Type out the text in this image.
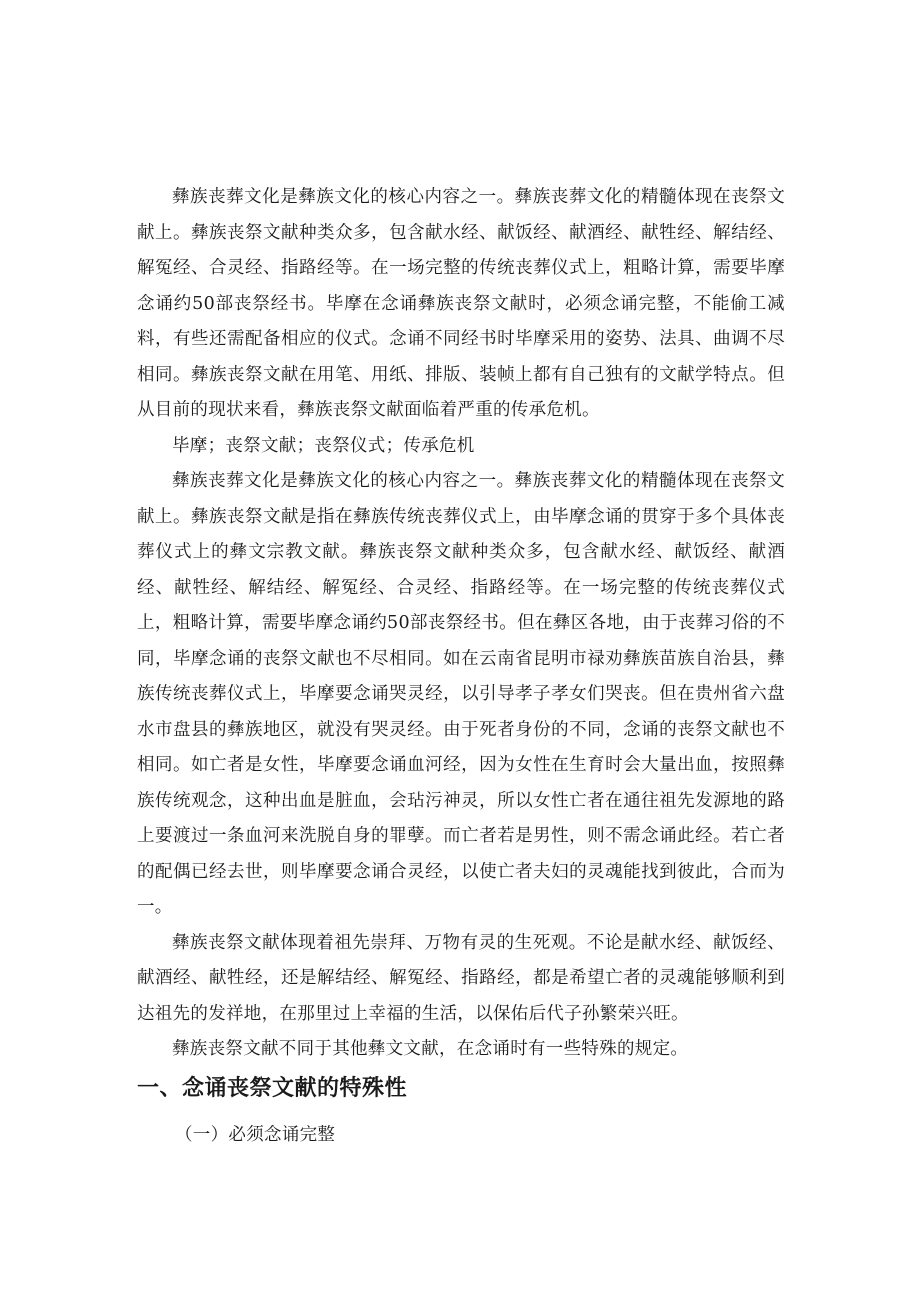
彝族丧葬文化是彝族文化的核心内容之一。彝族丧葬文化的精髓体现在丧祭文献上。彝族丧祭文献种类众多，包含献水经、献饭经、献酒经、献牲经、解结经、解冤经、合灵经、指路经等。在一场完整的传统丧葬仪式上，粗略计算，需要毕摩念诵约50部丧祭经书。毕摩在念诵彝族丧祭文献时，必须念诵完整，不能偷工减料，有些还需配备相应的仪式。念诵不同经书时毕摩采用的姿势、法具、曲调不尽相同。彝族丧祭文献在用笔、用纸、排版、装帧上都有自己独有的文献学特点。但从目前的现状来看，彝族丧祭文献面临着严重的传承危机。

毕摩；丧祭文献；丧祭仪式；传承危机

彝族丧葬文化是彝族文化的核心内容之一。彝族丧葬文化的精髓体现在丧祭文献上。彝族丧祭文献是指在彝族传统丧葬仪式上，由毕摩念诵的贯穿于多个具体丧葬仪式上的彝文宗教文献。彝族丧祭文献种类众多，包含献水经、献饭经、献酒经、献牲经、解结经、解冤经、合灵经、指路经等。在一场完整的传统丧葬仪式上，粗略计算，需要毕摩念诵约50部丧祭经书。但在彝区各地，由于丧葬习俗的不同，毕摩念诵的丧祭文献也不尽相同。如在云南省昆明市禄劝彝族苗族自治县，彝族传统丧葬仪式上，毕摩要念诵哭灵经，以引导孝子孝女们哭丧。但在贵州省六盘水市盘县的彝族地区，就没有哭灵经。由于死者身份的不同，念诵的丧祭文献也不相同。如亡者是女性，毕摩要念诵血河经，因为女性在生育时会大量出血，按照彝族传统观念，这种出血是脏血，会玷污神灵，所以女性亡者在通往祖先发源地的路上要渡过一条血河来洗脱自身的罪孽。而亡者若是男性，则不需念诵此经。若亡者的配偶已经去世，则毕摩要念诵合灵经，以使亡者夫妇的灵魂能找到彼此，合而为一。

彝族丧祭文献体现着祖先崇拜、万物有灵的生死观。不论是献水经、献饭经、献酒经、献牲经，还是解结经、解冤经、指路经，都是希望亡者的灵魂能够顺利到达祖先的发祥地，在那里过上幸福的生活，以保佑后代子孙繁荣兴旺。

彝族丧祭文献不同于其他彝文文献，在念诵时有一些特殊的规定。

一、念诵丧祭文献的特殊性

（一）必须念诵完整
